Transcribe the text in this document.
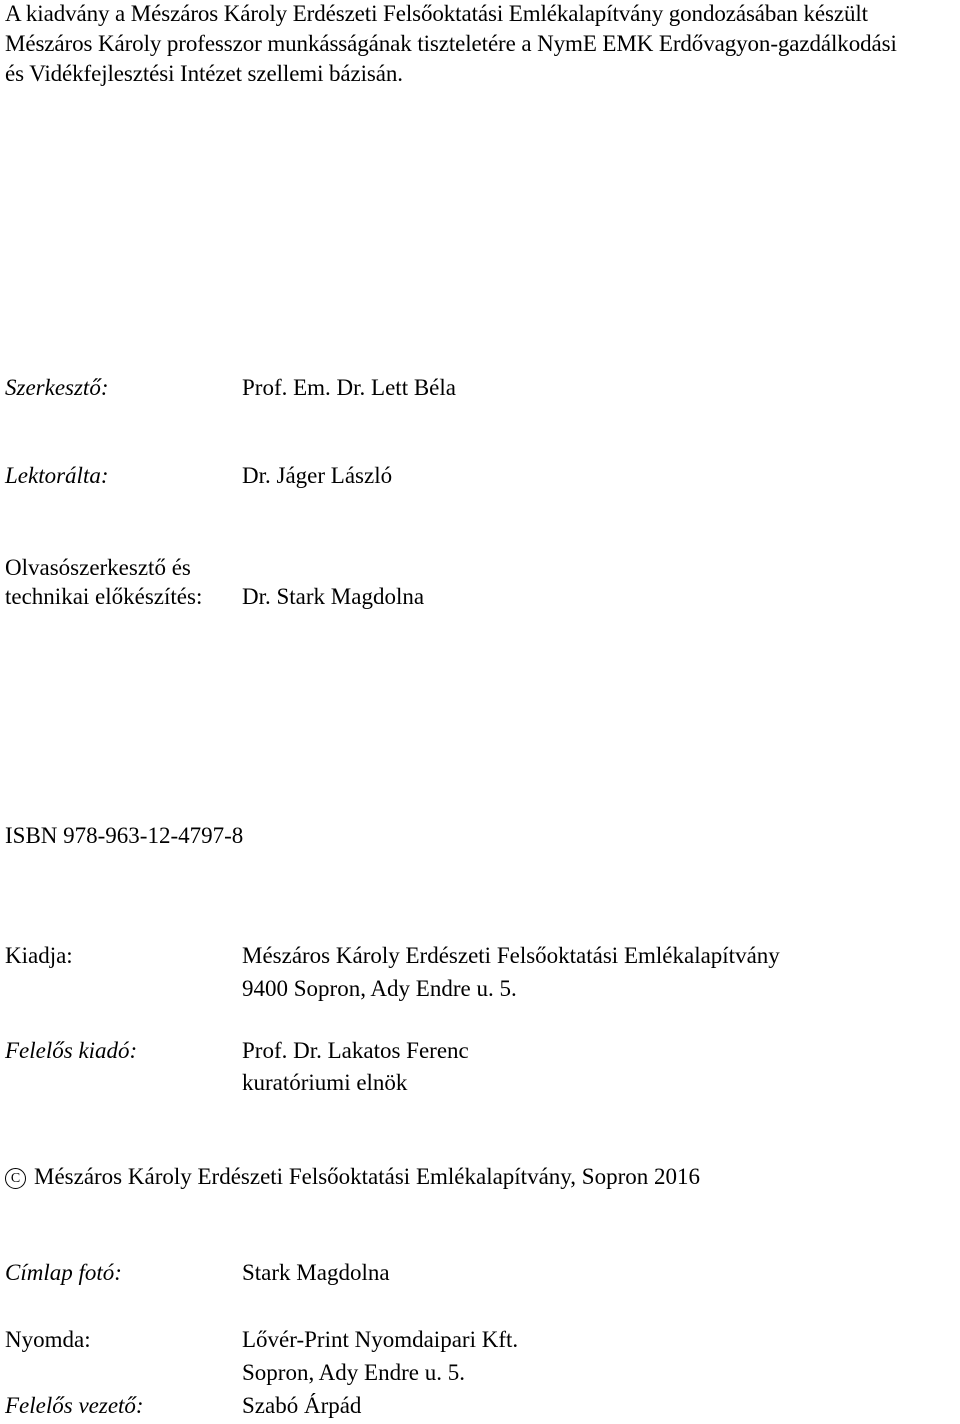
A kiadvány a Mészáros Károly Erdészeti Felsőoktatási Emlékalapítvány gondozásában készült
Mészáros Károly professzor munkásságának tiszteletére a NymE EMK Erdővagyon-gazdálkodási
és Vidékfejlesztési Intézet szellemi bázisán.
Szerkesztő:	Prof. Em. Dr. Lett Béla
Lektorálta:	Dr. Jáger László
Olvasószerkesztő és
technikai előkészítés: Dr. Stark Magdolna
ISBN 978-963-12-4797-8
Kiadja:	Mészáros Károly Erdészeti Felsőoktatási Emlékalapítvány
9400 Sopron, Ady Endre u. 5.
Felelős kiadó:	Prof. Dr. Lakatos Ferenc
kuratóriumi elnök
C Mészáros Károly Erdészeti Felsőoktatási Emlékalapítvány, Sopron 2016
Címlap fotó:	Stark Magdolna
Nyomda:	Lővér-Print Nyomdaipari Kft.
Sopron, Ady Endre u. 5.
Felelős vezető:	Szabó Árpád
